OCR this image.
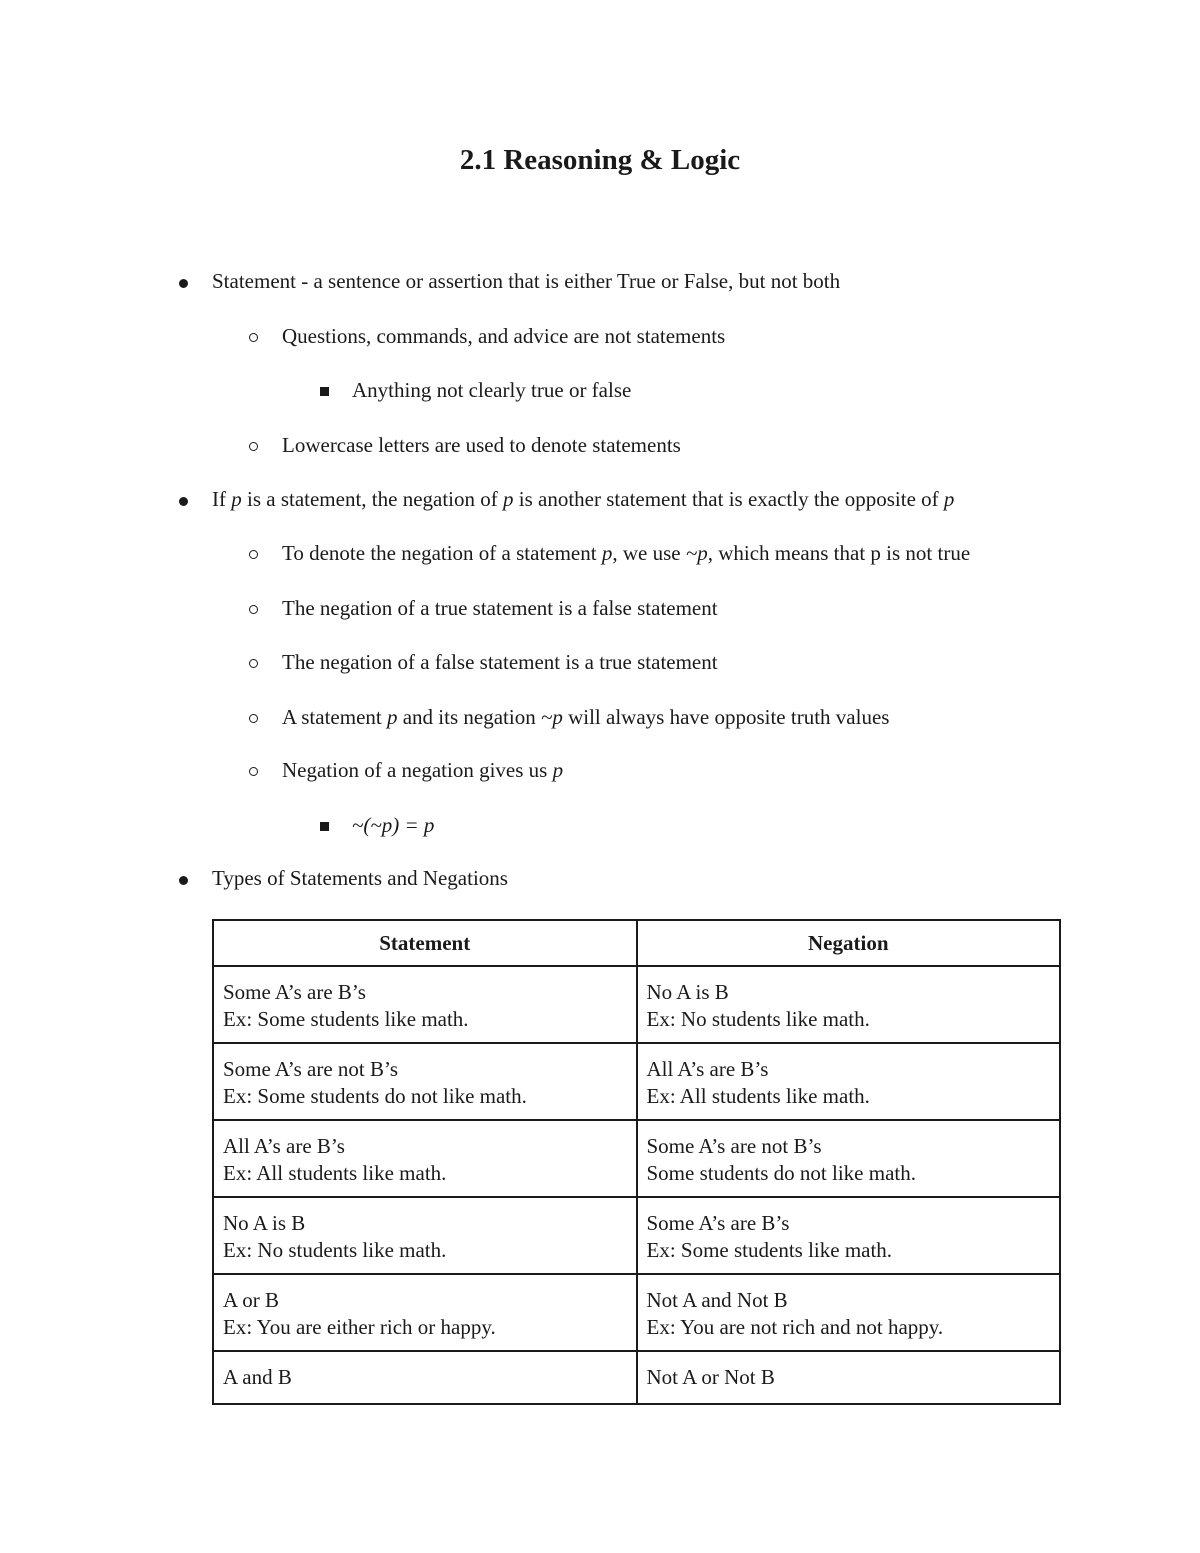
2.1 Reasoning & Logic
Statement - a sentence or assertion that is either True or False, but not both
Questions, commands, and advice are not statements
Anything not clearly true or false
Lowercase letters are used to denote statements
If p is a statement, the negation of p is another statement that is exactly the opposite of p
To denote the negation of a statement p, we use ~p, which means that p is not true
The negation of a true statement is a false statement
The negation of a false statement is a true statement
A statement p and its negation ~p will always have opposite truth values
Negation of a negation gives us p
~(~p) = p
Types of Statements and Negations
Statement	Negation

Some A’s are B’s
Ex: Some students like math.	No A is B
Ex: No students like math.

Some A’s are not B’s
Ex: Some students do not like math.	All A’s are B’s
Ex: All students like math.

All A’s are B’s
Ex: All students like math.	Some A’s are not B’s
Some students do not like math.

No A is B
Ex: No students like math.	Some A’s are B’s
Ex: Some students like math.

A or B
Ex: You are either rich or happy.	Not A and Not B
Ex: You are not rich and not happy.

A and B	Not A or Not B
